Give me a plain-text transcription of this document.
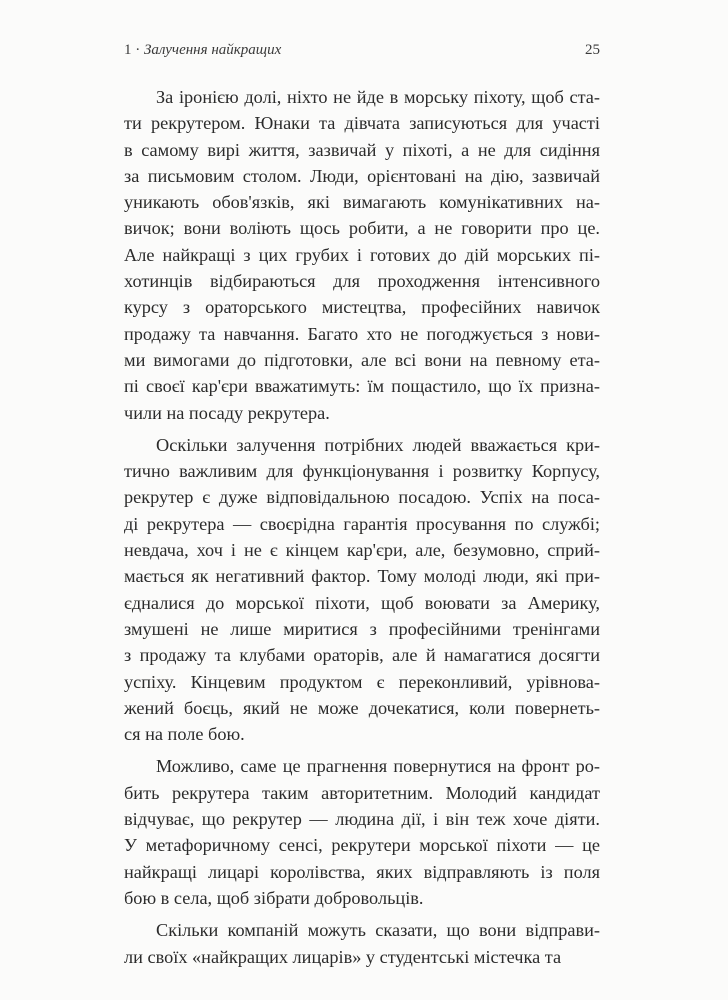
1 · Залучення найкращих	25
За іронією долі, ніхто не йде в морську піхоту, щоб ста-
ти рекрутером. Юнаки та дівчата записуються для участі
в самому вирі життя, зазвичай у піхоті, а не для сидіння
за письмовим столом. Люди, орієнтовані на дію, зазвичай
уникають обов'язків, які вимагають комунікативних на-
вичок; вони воліють щось робити, а не говорити про це.
Але найкращі з цих грубих і готових до дій морських пі-
хотинців відбираються для проходження інтенсивного
курсу з ораторського мистецтва, професійних навичок
продажу та навчання. Багато хто не погоджується з нови-
ми вимогами до підготовки, але всі вони на певному ета-
пі своєї кар'єри вважатимуть: їм пощастило, що їх призна-
чили на посаду рекрутера.
Оскільки залучення потрібних людей вважається кри-
тично важливим для функціонування і розвитку Корпусу,
рекрутер є дуже відповідальною посадою. Успіх на поса-
ді рекрутера — своєрідна гарантія просування по службі;
невдача, хоч і не є кінцем кар'єри, але, безумовно, сприй-
мається як негативний фактор. Тому молоді люди, які при-
єдналися до морської піхоти, щоб воювати за Америку,
змушені не лише миритися з професійними тренінгами
з продажу та клубами ораторів, але й намагатися досягти
успіху. Кінцевим продуктом є переконливий, урівнова-
жений боєць, який не може дочекатися, коли повернеть-
ся на поле бою.
Можливо, саме це прагнення повернутися на фронт ро-
бить рекрутера таким авторитетним. Молодий кандидат
відчуває, що рекрутер — людина дії, і він теж хоче діяти.
У метафоричному сенсі, рекрутери морської піхоти — це
найкращі лицарі королівства, яких відправляють із поля
бою в села, щоб зібрати добровольців.
Скільки компаній можуть сказати, що вони відправи-
ли своїх «найкращих лицарів» у студентські містечка та
